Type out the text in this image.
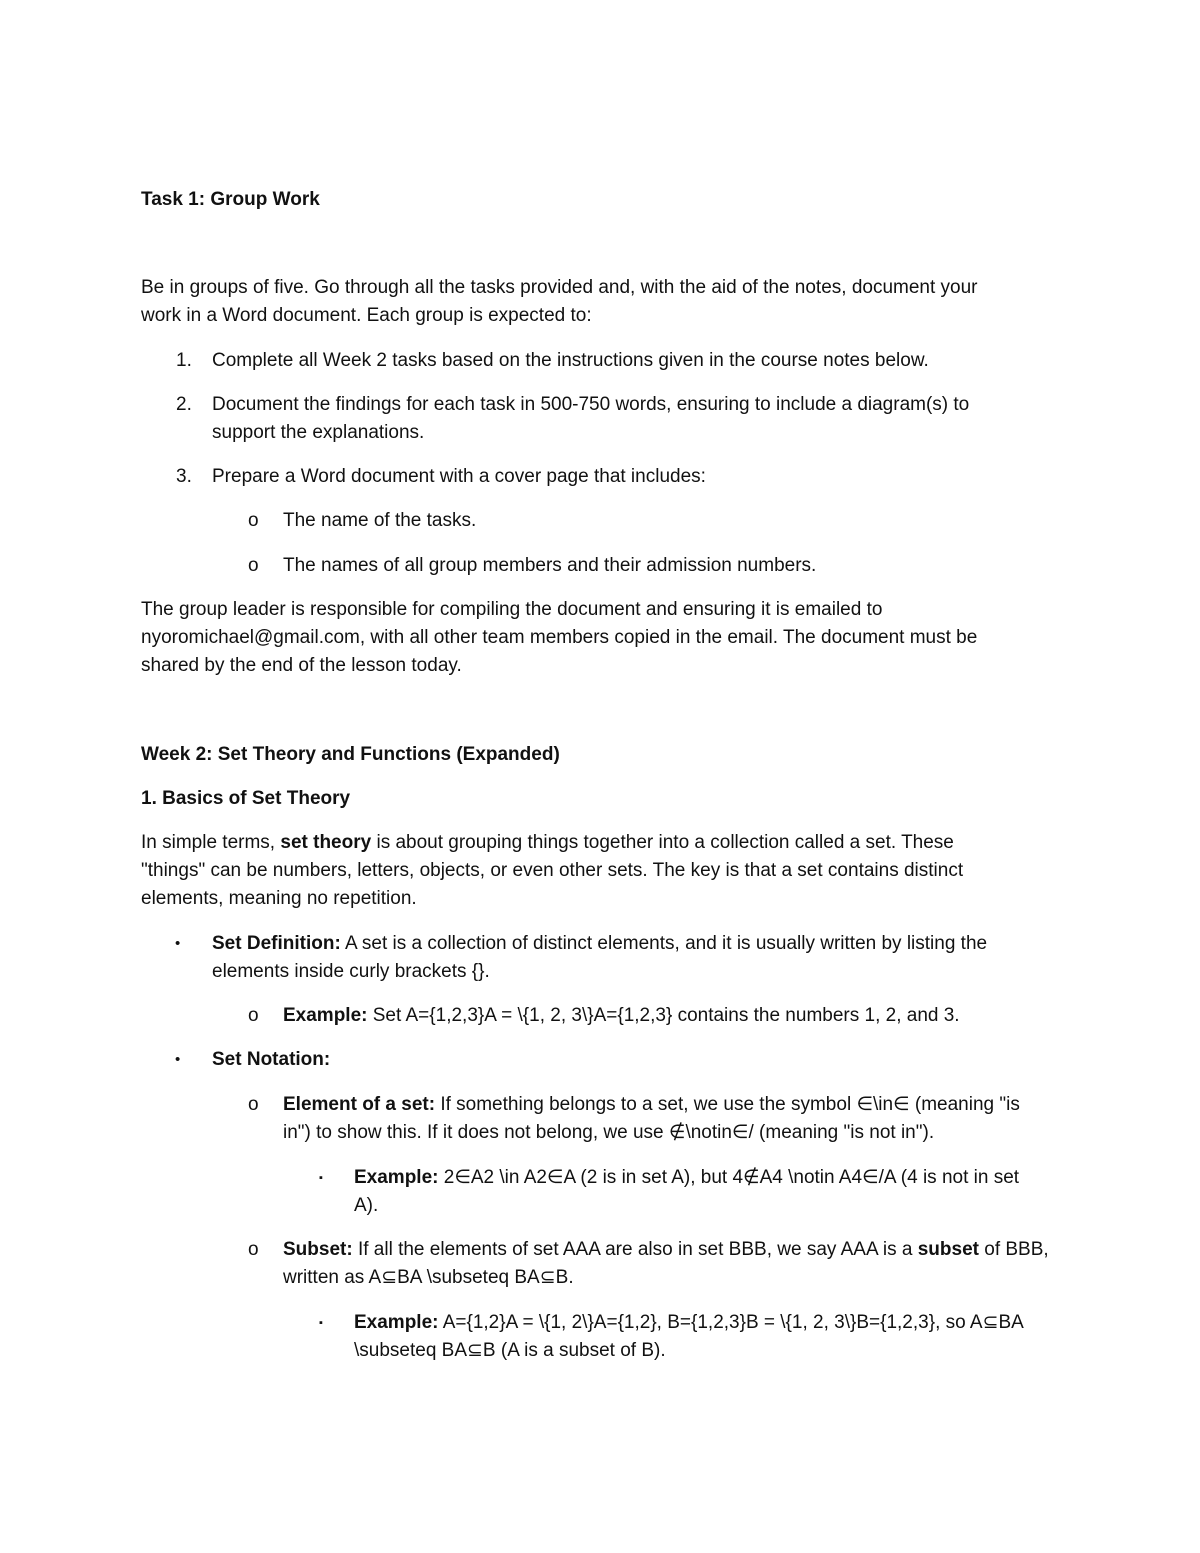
Task 1: Group Work
Be in groups of five. Go through all the tasks provided and, with the aid of the notes, document your
work in a Word document. Each group is expected to:
1. Complete all Week 2 tasks based on the instructions given in the course notes below.
2. Document the findings for each task in 500-750 words, ensuring to include a diagram(s) to
support the explanations.
3. Prepare a Word document with a cover page that includes:
o The name of the tasks.
o The names of all group members and their admission numbers.
The group leader is responsible for compiling the document and ensuring it is emailed to
nyoromichael@gmail.com, with all other team members copied in the email. The document must be
shared by the end of the lesson today.
Week 2: Set Theory and Functions (Expanded)
1. Basics of Set Theory
In simple terms, set theory is about grouping things together into a collection called a set. These
"things" can be numbers, letters, objects, or even other sets. The key is that a set contains distinct
elements, meaning no repetition.
• Set Definition: A set is a collection of distinct elements, and it is usually written by listing the
elements inside curly brackets {}.
o Example: Set A={1,2,3}A = \{1, 2, 3\}A={1,2,3} contains the numbers 1, 2, and 3.
• Set Notation:
o Element of a set: If something belongs to a set, we use the symbol ∈\in∈ (meaning "is
in") to show this. If it does not belong, we use ∉\notin∈/ (meaning "is not in").
▪ Example: 2∈A2 \in A2∈A (2 is in set A), but 4∉A4 \notin A4∈/A (4 is not in set
A).
o Subset: If all the elements of set AAA are also in set BBB, we say AAA is a subset of BBB,
written as A⊆BA \subseteq BA⊆B.
▪ Example: A={1,2}A = \{1, 2\}A={1,2}, B={1,2,3}B = \{1, 2, 3\}B={1,2,3}, so A⊆BA
\subseteq BA⊆B (A is a subset of B).
